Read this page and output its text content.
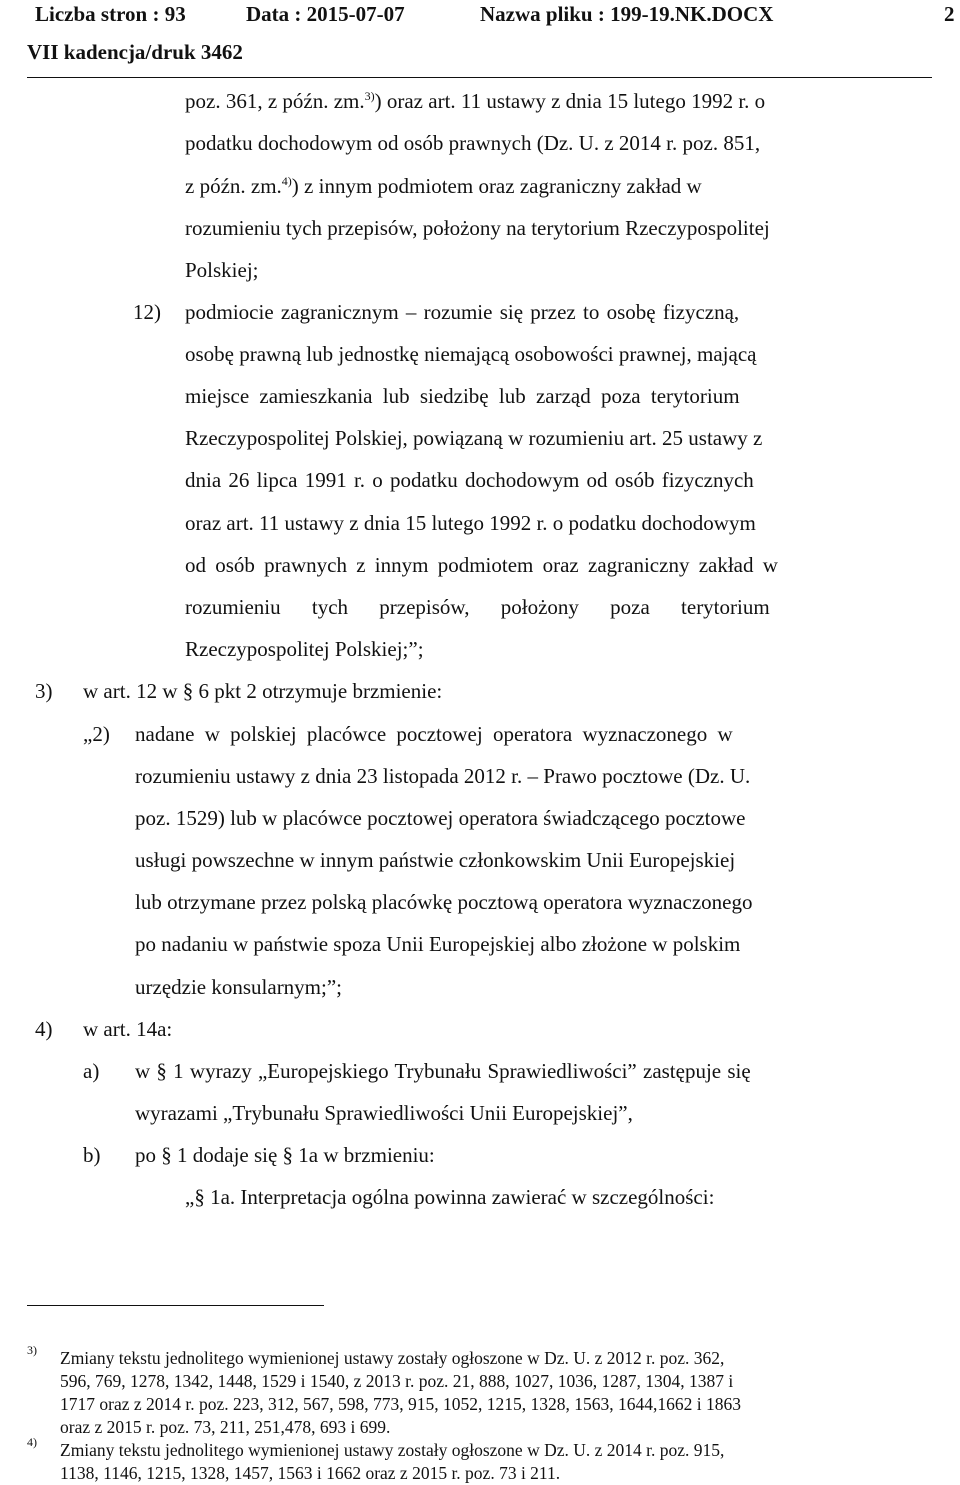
Liczba stron : 93	Data : 2015-07-07	Nazwa pliku : 199-19.NK.DOCX	2
VII kadencja/druk 3462
poz. 361, z późn. zm.$^{3)}$) oraz art. 11 ustawy z dnia 15 lutego 1992 r. o
podatku dochodowym od osób prawnych (Dz. U. z 2014 r. poz. 851,
z późn. zm.$^{4)}$) z innym podmiotem oraz zagraniczny zakład w
rozumieniu tych przepisów, położony na terytorium Rzeczypospolitej
Polskiej;
12) podmiocie zagranicznym – rozumie się przez to osobę fizyczną,
osobę prawną lub jednostkę niemającą osobowości prawnej, mającą
miejsce zamieszkania lub siedzibę lub zarząd poza terytorium
Rzeczypospolitej Polskiej, powiązaną w rozumieniu art. 25 ustawy z
dnia 26 lipca 1991 r. o podatku dochodowym od osób fizycznych
oraz art. 11 ustawy z dnia 15 lutego 1992 r. o podatku dochodowym
od osób prawnych z innym podmiotem oraz zagraniczny zakład w
rozumieniu tych przepisów, położony poza terytorium
Rzeczypospolitej Polskiej;”;
3) w art. 12 w § 6 pkt 2 otrzymuje brzmienie:
„2) nadane w polskiej placówce pocztowej operatora wyznaczonego w
rozumieniu ustawy z dnia 23 listopada 2012 r. – Prawo pocztowe (Dz. U.
poz. 1529) lub w placówce pocztowej operatora świadczącego pocztowe
usługi powszechne w innym państwie członkowskim Unii Europejskiej
lub otrzymane przez polską placówkę pocztową operatora wyznaczonego
po nadaniu w państwie spoza Unii Europejskiej albo złożone w polskim
urzędzie konsularnym;”;
4) w art. 14a:
a) w § 1 wyrazy „Europejskiego Trybunału Sprawiedliwości” zastępuje się
wyrazami „Trybunału Sprawiedliwości Unii Europejskiej”,
b) po § 1 dodaje się § 1a w brzmieniu:
„§ 1a. Interpretacja ogólna powinna zawierać w szczególności:
3) Zmiany tekstu jednolitego wymienionej ustawy zostały ogłoszone w Dz. U. z 2012 r. poz. 362,
596, 769, 1278, 1342, 1448, 1529 i 1540, z 2013 r. poz. 21, 888, 1027, 1036, 1287, 1304, 1387 i
1717 oraz z 2014 r. poz. 223, 312, 567, 598, 773, 915, 1052, 1215, 1328, 1563, 1644,1662 i 1863
oraz z 2015 r. poz. 73, 211, 251,478, 693 i 699.
4) Zmiany tekstu jednolitego wymienionej ustawy zostały ogłoszone w Dz. U. z 2014 r. poz. 915,
1138, 1146, 1215, 1328, 1457, 1563 i 1662 oraz z 2015 r. poz. 73 i 211.
